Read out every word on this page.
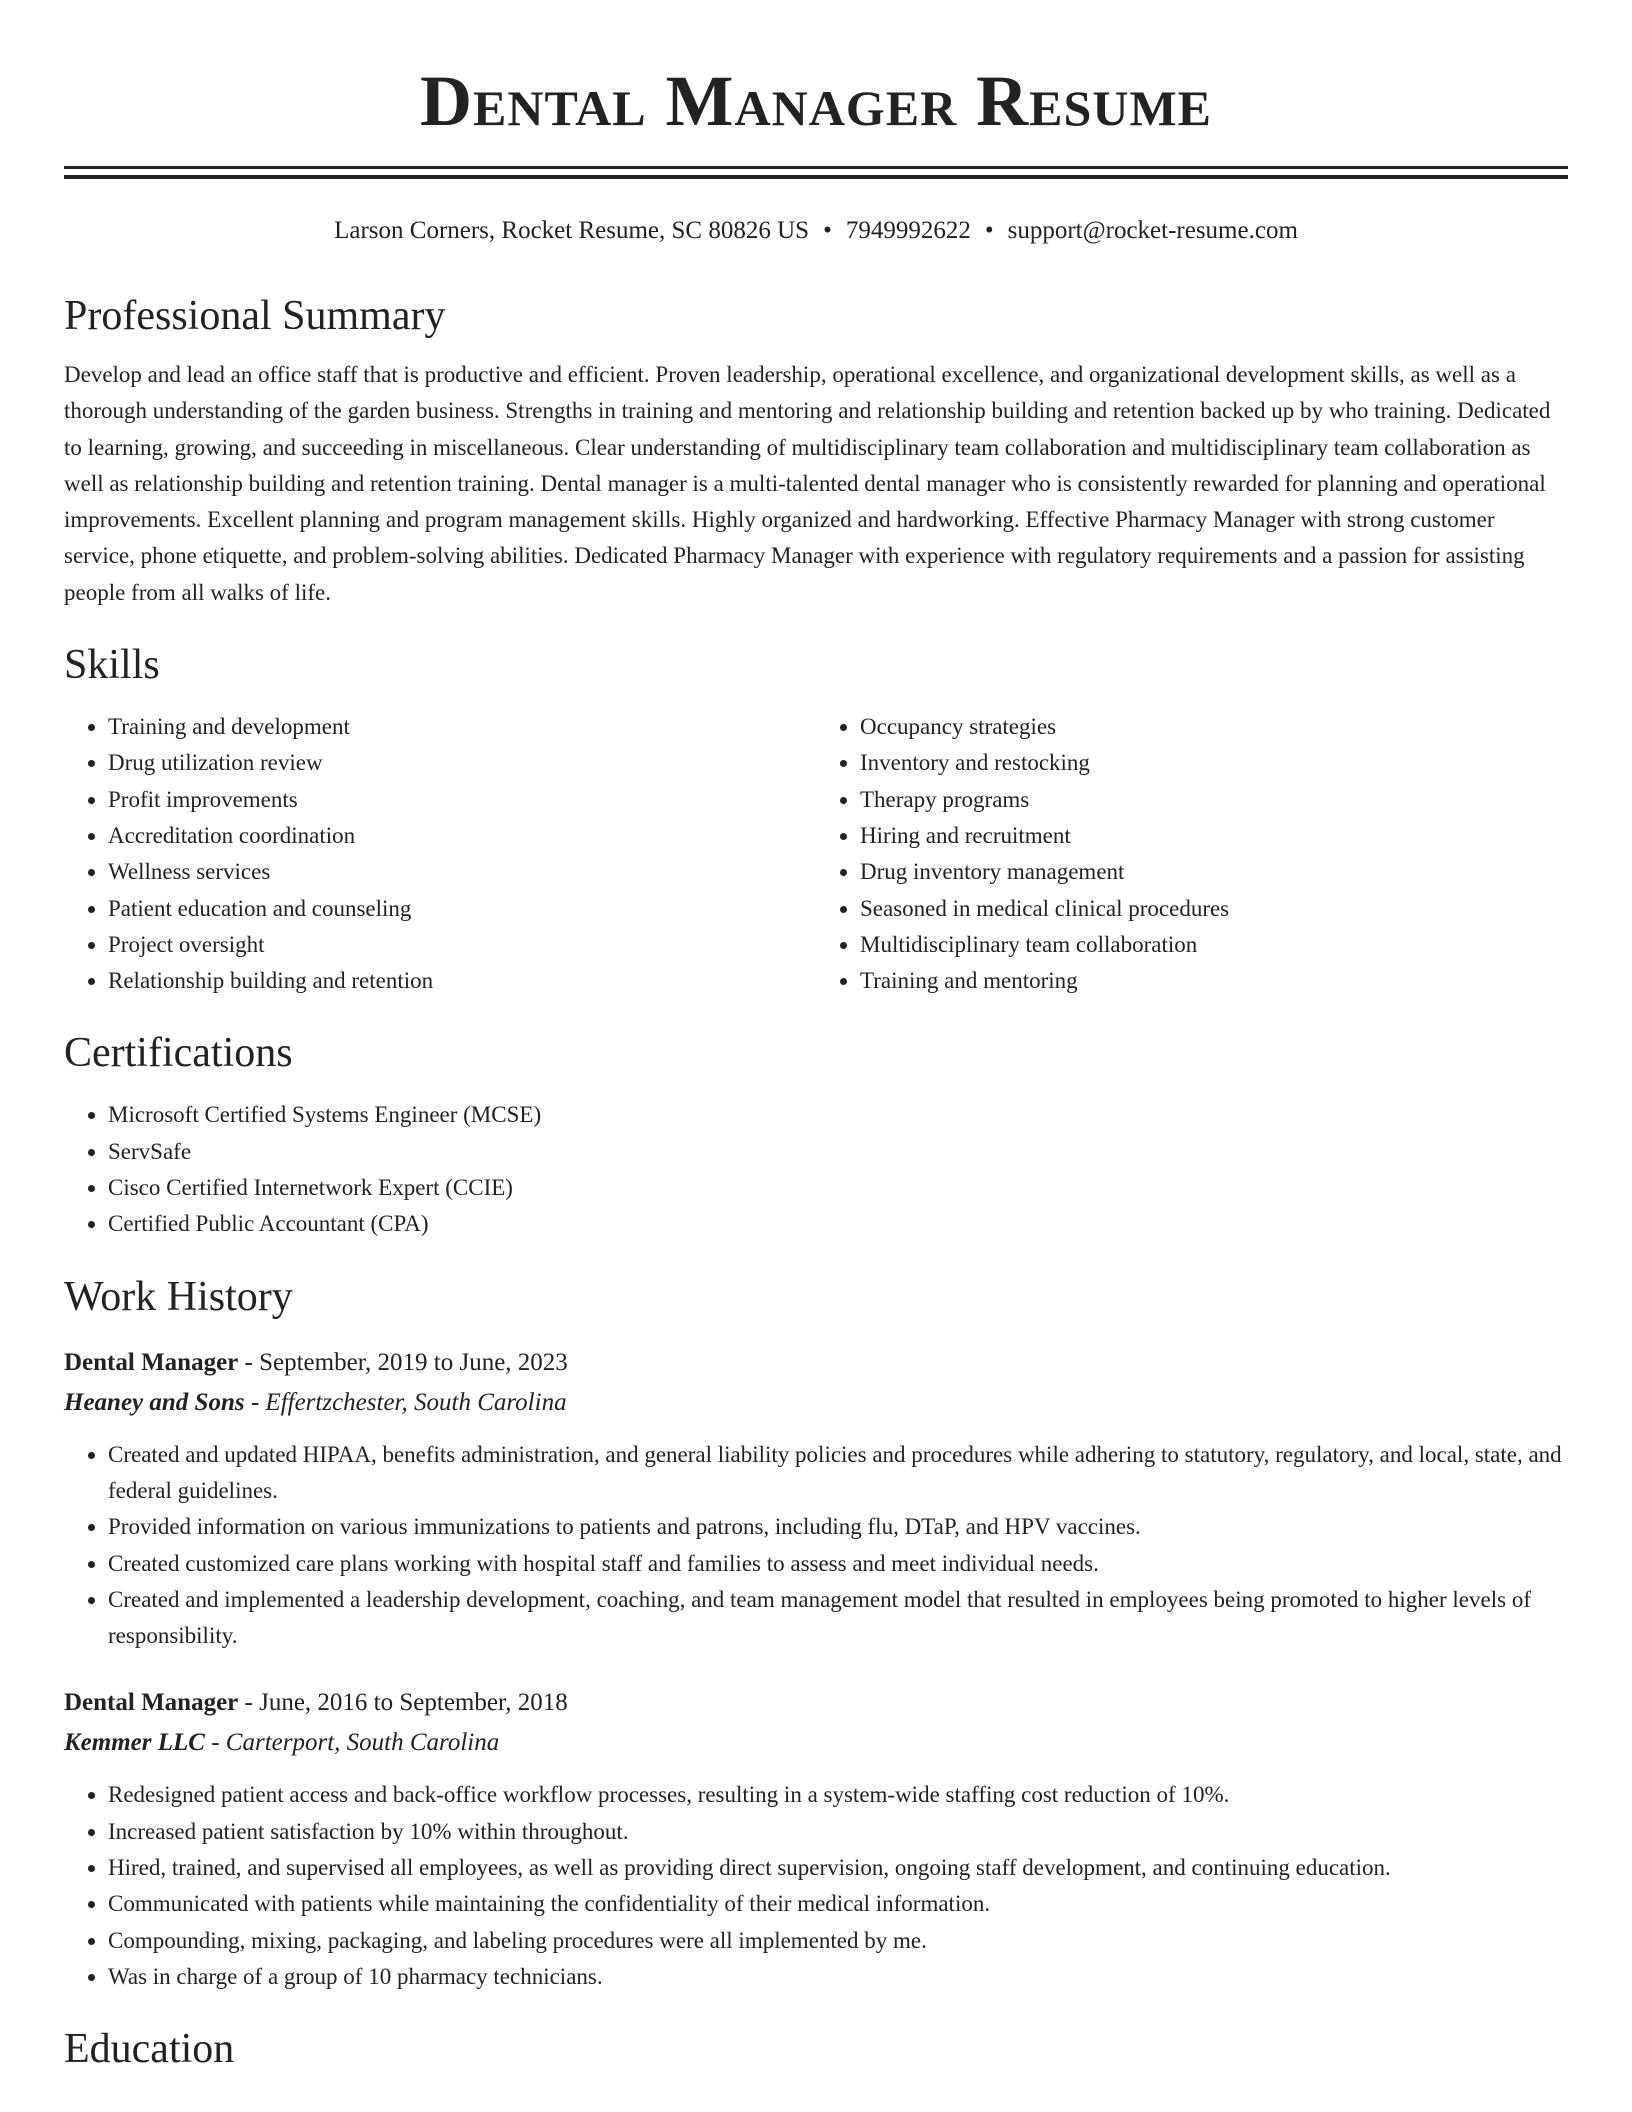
Dental Manager Resume
Larson Corners, Rocket Resume, SC 80826 US • 7949992622 • support@rocket-resume.com
Professional Summary

Develop and lead an office staff that is productive and efficient. Proven leadership, operational excellence, and organizational development skills, as well as a thorough understanding of the garden business. Strengths in training and mentoring and relationship building and retention backed up by who training. Dedicated to learning, growing, and succeeding in miscellaneous. Clear understanding of multidisciplinary team collaboration and multidisciplinary team collaboration as well as relationship building and retention training. Dental manager is a multi-talented dental manager who is consistently rewarded for planning and operational improvements. Excellent planning and program management skills. Highly organized and hardworking. Effective Pharmacy Manager with strong customer service, phone etiquette, and problem-solving abilities. Dedicated Pharmacy Manager with experience with regulatory requirements and a passion for assisting people from all walks of life.

Skills
• Training and development
• Drug utilization review
• Profit improvements
• Accreditation coordination
• Wellness services
• Patient education and counseling
• Project oversight
• Relationship building and retention
• Occupancy strategies
• Inventory and restocking
• Therapy programs
• Hiring and recruitment
• Drug inventory management
• Seasoned in medical clinical procedures
• Multidisciplinary team collaboration
• Training and mentoring
Certifications
• Microsoft Certified Systems Engineer (MCSE)
• ServSafe
• Cisco Certified Internetwork Expert (CCIE)
• Certified Public Accountant (CPA)
Work History
Dental Manager - September, 2019 to June, 2023
Heaney and Sons - Effertzchester, South Carolina
• Created and updated HIPAA, benefits administration, and general liability policies and procedures while adhering to statutory, regulatory, and local, state, and federal guidelines.
• Provided information on various immunizations to patients and patrons, including flu, DTaP, and HPV vaccines.
• Created customized care plans working with hospital staff and families to assess and meet individual needs.
• Created and implemented a leadership development, coaching, and team management model that resulted in employees being promoted to higher levels of responsibility.
Dental Manager - June, 2016 to September, 2018
Kemmer LLC - Carterport, South Carolina
• Redesigned patient access and back-office workflow processes, resulting in a system-wide staffing cost reduction of 10%.
• Increased patient satisfaction by 10% within throughout.
• Hired, trained, and supervised all employees, as well as providing direct supervision, ongoing staff development, and continuing education.
• Communicated with patients while maintaining the confidentiality of their medical information.
• Compounding, mixing, packaging, and labeling procedures were all implemented by me.
• Was in charge of a group of 10 pharmacy technicians.
Education
